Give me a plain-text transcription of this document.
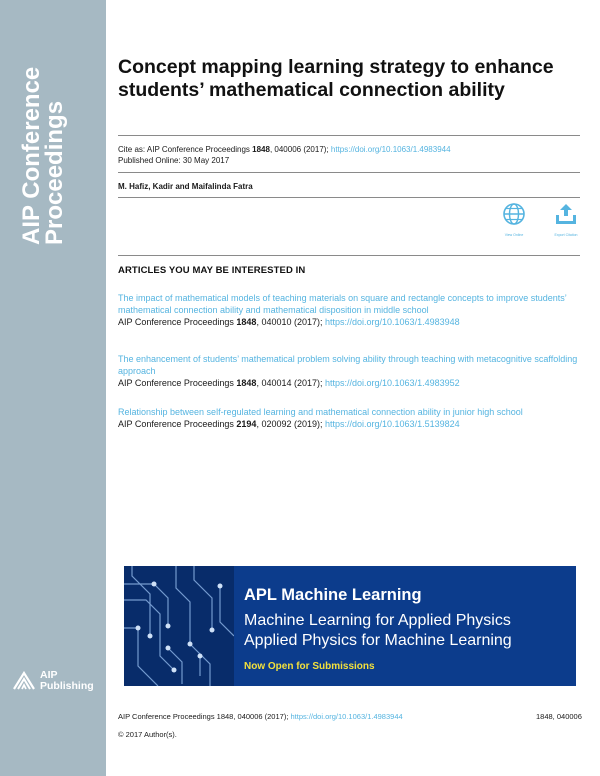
AIP Conference
Proceedings
AIP
Publishing
Concept mapping learning strategy to enhance students’ mathematical connection ability
Cite as: AIP Conference Proceedings 1848, 040006 (2017); https://doi.org/10.1063/1.4983944
Published Online: 30 May 2017
M. Hafiz, Kadir and Maifalinda Fatra
View Online	Export Citation
ARTICLES YOU MAY BE INTERESTED IN
The impact of mathematical models of teaching materials on square and rectangle concepts to improve students’ mathematical connection ability and mathematical disposition in middle school
AIP Conference Proceedings 1848, 040010 (2017); https://doi.org/10.1063/1.4983948
The enhancement of students’ mathematical problem solving ability through teaching with metacognitive scaffolding approach
AIP Conference Proceedings 1848, 040014 (2017); https://doi.org/10.1063/1.4983952
Relationship between self-regulated learning and mathematical connection ability in junior high school
AIP Conference Proceedings 2194, 020092 (2019); https://doi.org/10.1063/1.5139824
APL Machine Learning
Machine Learning for Applied Physics
Applied Physics for Machine Learning
Now Open for Submissions
AIP Conference Proceedings 1848, 040006 (2017); https://doi.org/10.1063/1.4983944	1848, 040006
© 2017 Author(s).
